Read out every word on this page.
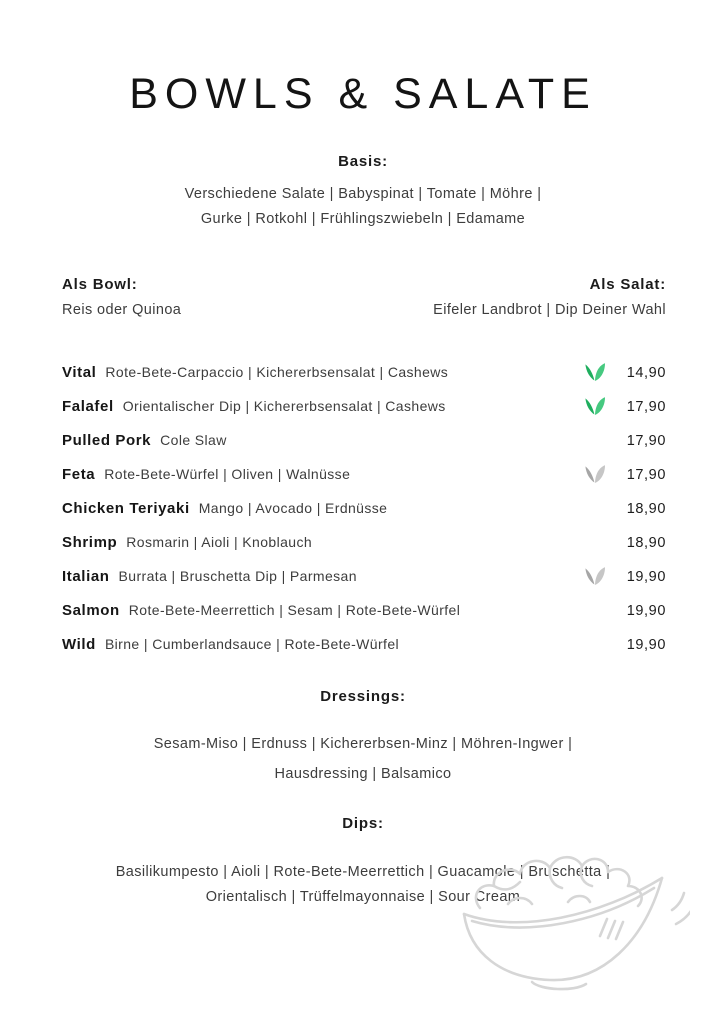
BOWLS & SALATE
Basis:
Verschiedene Salate | Babyspinat | Tomate | Möhre |
Gurke | Rotkohl | Frühlingszwiebeln | Edamame
Als Bowl:

Reis oder Quinoa

Als Salat:

Eifeler Landbrot | Dip Deiner Wahl

Vital Rote-Bete-Carpaccio | Kichererbsensalat | Cashews	14,90
Falafel Orientalischer Dip | Kichererbsensalat | Cashews	17,90
Pulled Pork Cole Slaw	17,90
Feta Rote-Bete-Würfel | Oliven | Walnüsse	17,90
Chicken Teriyaki Mango | Avocado | Erdnüsse	18,90
Shrimp Rosmarin | Aioli | Knoblauch	18,90
Italian Burrata | Bruschetta Dip | Parmesan	19,90
Salmon Rote-Bete-Meerrettich | Sesam | Rote-Bete-Würfel	19,90
Wild Birne | Cumberlandsauce | Rote-Bete-Würfel	19,90
Dressings:
Sesam-Miso | Erdnuss | Kichererbsen-Minz | Möhren-Ingwer |
Hausdressing | Balsamico
Dips:
Basilikumpesto | Aioli | Rote-Bete-Meerrettich | Guacamole | Bruschetta |
Orientalisch | Trüffelmayonnaise | Sour Cream
